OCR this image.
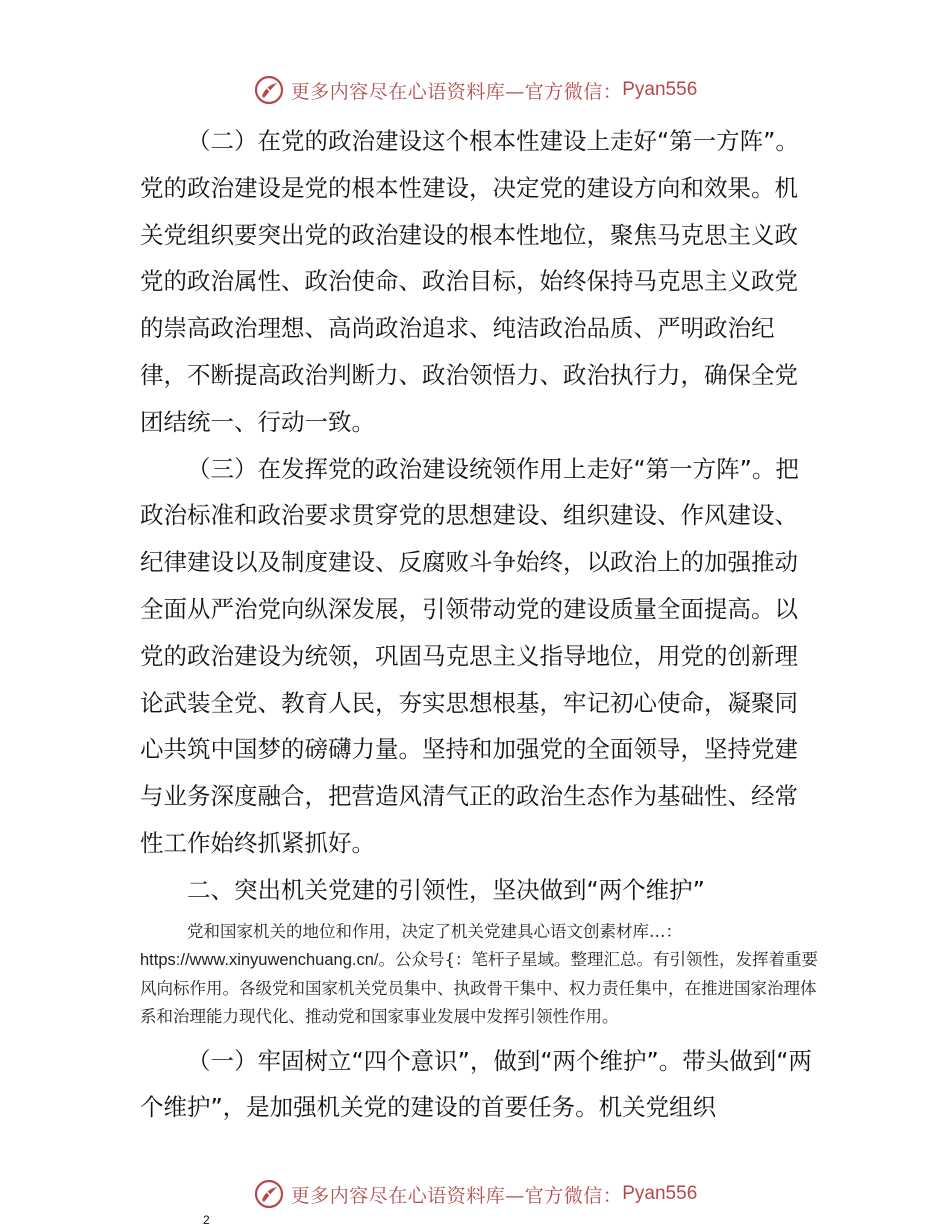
更多内容尽在心语资料库—官方微信： Pyan556

（二）在党的政治建设这个根本性建设上走好“第一方阵”。党的政治建设是党的根本性建设，决定党的建设方向和效果。机关党组织要突出党的政治建设的根本性地位，聚焦马克思主义政党的政治属性、政治使命、政治目标，始终保持马克思主义政党的崇高政治理想、高尚政治追求、纯洁政治品质、严明政治纪律，不断提高政治判断力、政治领悟力、政治执行力，确保全党团结统一、行动一致。

（三）在发挥党的政治建设统领作用上走好“第一方阵”。把政治标准和政治要求贯穿党的思想建设、组织建设、作风建设、纪律建设以及制度建设、反腐败斗争始终，以政治上的加强推动全面从严治党向纵深发展，引领带动党的建设质量全面提高。以党的政治建设为统领，巩固马克思主义指导地位，用党的创新理论武装全党、教育人民，夯实思想根基，牢记初心使命，凝聚同心共筑中国梦的磅礴力量。坚持和加强党的全面领导，坚持党建与业务深度融合，把营造风清气正的政治生态作为基础性、经常性工作始终抓紧抓好。

二、突出机关党建的引领性，坚决做到“两个维护”

党和国家机关的地位和作用，决定了机关党建具心语文创素材库…：https://www.xinyuwenchuang.cn/。公众号{：笔杆子星域。整理汇总。有引领性，发挥着重要风向标作用。各级党和国家机关党员集中、执政骨干集中、权力责任集中，在推进国家治理体系和治理能力现代化、推动党和国家事业发展中发挥引领性作用。

（一）牢固树立“四个意识”，做到“两个维护”。带头做到“两个维护”，是加强机关党的建设的首要任务。机关党组织

更多内容尽在心语资料库—官方微信： Pyan556
2
